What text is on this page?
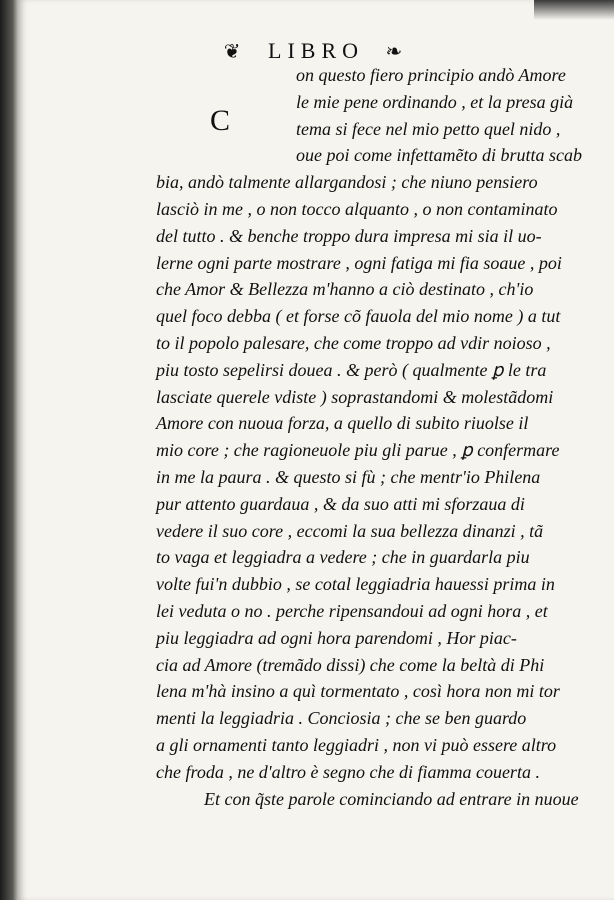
❦ LIBRO ❧
C
on questo fiero principio andò Amore
le mie pene ordinando , et la presa già
tema si fece nel mio petto quel nido ,
oue poi come infettamẽto di brutta scab
bia, andò talmente allargandosi ; che niuno pensiero
lasciò in me , o non tocco alquanto , o non contaminato
del tutto . & benche troppo dura impresa mi sia il uo-
lerne ogni parte mostrare , ogni fatiga mi fia soaue , poi
che Amor & Bellezza m'hanno a ciò destinato , ch'io
quel foco debba ( et forse cõ fauola del mio nome ) a tut
to il popolo palesare, che come troppo ad vdir noioso ,
piu tosto sepelirsi douea . & però ( qualmente ꝑ le tra
lasciate querele vdiste ) soprastandomi & molestãdomi
Amore con nuoua forza, a quello di subito riuolse il
mio core ; che ragioneuole piu gli parue , ꝑ confermare
in me la paura . & questo si fù ; che mentr'io Philena
pur attento guardaua , & da suo atti mi sforzaua di
vedere il suo core , eccomi la sua bellezza dinanzi , tã
to vaga et leggiadra a vedere ; che in guardarla piu
volte fui'n dubbio , se cotal leggiadria hauessi prima in
lei veduta o no . perche ripensandoui ad ogni hora , et
piu leggiadra ad ogni hora parendomi , Hor piac-
cia ad Amore (tremãdo dissi) che come la beltà di Phi
lena m'hà insino a quì tormentato , così hora non mi tor
menti la leggiadria . Conciosia ; che se ben guardo
a gli ornamenti tanto leggiadri , non vi può essere altro
che froda , ne d'altro è segno che di fiamma couerta .
Et con q̃ste parole cominciando ad entrare in nuoue
